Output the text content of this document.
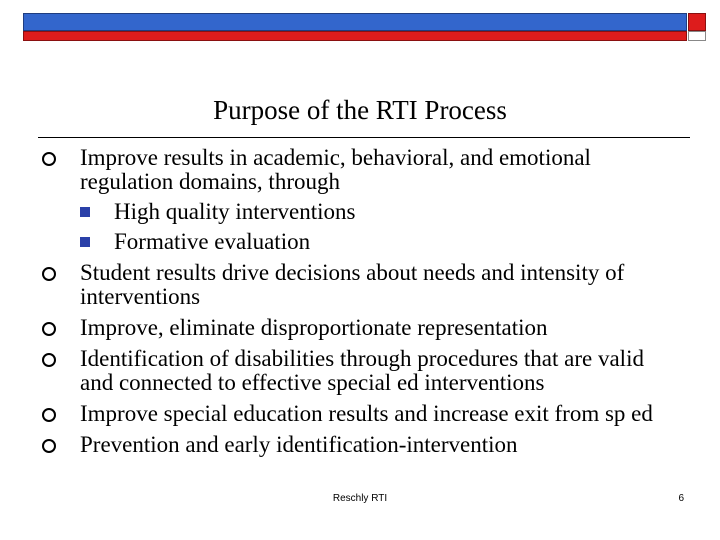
Purpose of the RTI Process
Improve results in academic, behavioral, and emotional regulation domains, through
High quality interventions
Formative evaluation
Student results drive decisions about needs and intensity of interventions
Improve, eliminate disproportionate representation
Identification of disabilities through procedures that are valid and connected to effective special ed interventions
Improve special education results and increase exit from sp ed
Prevention and early identification-intervention
Reschly RTI	6
